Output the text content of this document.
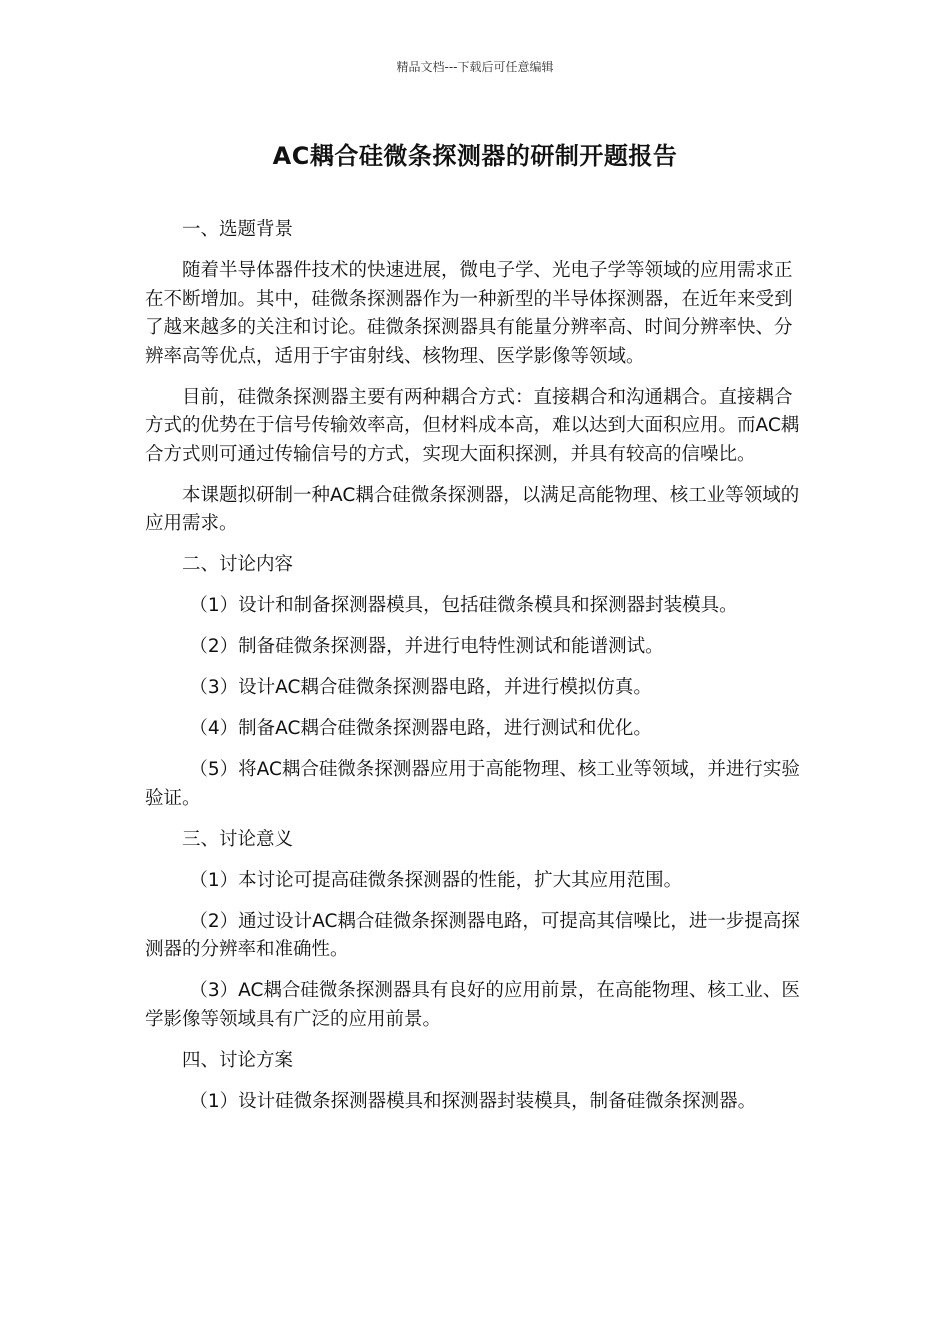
精品文档---下载后可任意编辑
AC耦合硅微条探测器的研制开题报告

一、选题背景

随着半导体器件技术的快速进展，微电子学、光电子学等领域的应用需求正在不断增加。其中，硅微条探测器作为一种新型的半导体探测器，在近年来受到了越来越多的关注和讨论。硅微条探测器具有能量分辨率高、时间分辨率快、分辨率高等优点，适用于宇宙射线、核物理、医学影像等领域。

目前，硅微条探测器主要有两种耦合方式：直接耦合和沟通耦合。直接耦合方式的优势在于信号传输效率高，但材料成本高，难以达到大面积应用。而AC耦合方式则可通过传输信号的方式，实现大面积探测，并具有较高的信噪比。

本课题拟研制一种AC耦合硅微条探测器，以满足高能物理、核工业等领域的应用需求。

二、讨论内容

（1）设计和制备探测器模具，包括硅微条模具和探测器封装模具。

（2）制备硅微条探测器，并进行电特性测试和能谱测试。

（3）设计AC耦合硅微条探测器电路，并进行模拟仿真。

（4）制备AC耦合硅微条探测器电路，进行测试和优化。

（5）将AC耦合硅微条探测器应用于高能物理、核工业等领域，并进行实验验证。

三、讨论意义

（1）本讨论可提高硅微条探测器的性能，扩大其应用范围。

（2）通过设计AC耦合硅微条探测器电路，可提高其信噪比，进一步提高探测器的分辨率和准确性。

（3）AC耦合硅微条探测器具有良好的应用前景，在高能物理、核工业、医学影像等领域具有广泛的应用前景。

四、讨论方案

（1）设计硅微条探测器模具和探测器封装模具，制备硅微条探测器。
